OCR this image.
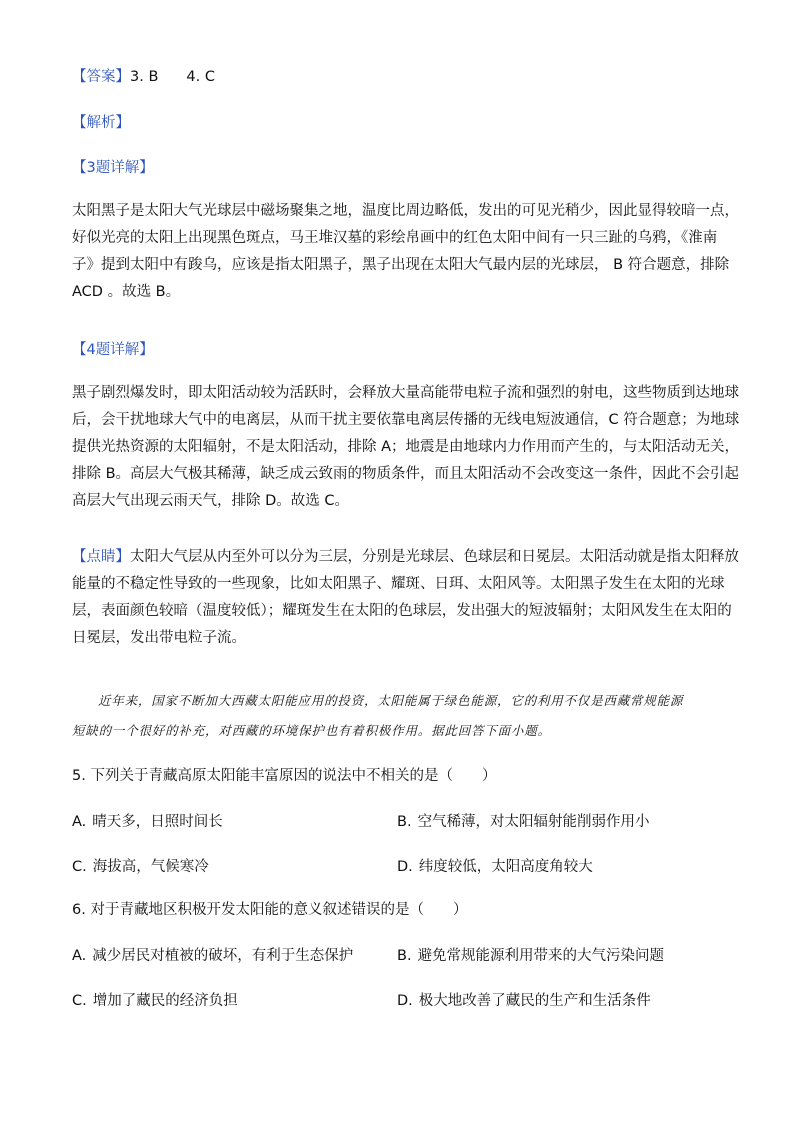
【答案】3. B 4. C
【解析】
【3题详解】
太阳黑子是太阳大气光球层中磁场聚集之地，温度比周边略低，发出的可见光稍少，因此显得较暗一点，
好似光亮的太阳上出现黑色斑点，马王堆汉墓的彩绘帛画中的红色太阳中间有一只三趾的乌鸦，《淮南
子》提到太阳中有踆乌，应该是指太阳黑子，黑子出现在太阳大气最内层的光球层， B 符合题意，排除
ACD 。故选 B。
【4题详解】
黑子剧烈爆发时，即太阳活动较为活跃时，会释放大量高能带电粒子流和强烈的射电，这些物质到达地球
后，会干扰地球大气中的电离层，从而干扰主要依靠电离层传播的无线电短波通信，C 符合题意；为地球
提供光热资源的太阳辐射，不是太阳活动，排除 A；地震是由地球内力作用而产生的，与太阳活动无关，
排除 B。高层大气极其稀薄，缺乏成云致雨的物质条件，而且太阳活动不会改变这一条件，因此不会引起
高层大气出现云雨天气，排除 D。故选 C。
【点睛】太阳大气层从内至外可以分为三层，分别是光球层、色球层和日冕层。太阳活动就是指太阳释放
能量的不稳定性导致的一些现象，比如太阳黑子、耀斑、日珥、太阳风等。太阳黑子发生在太阳的光球
层，表面颜色较暗（温度较低）；耀斑发生在太阳的色球层，发出强大的短波辐射；太阳风发生在太阳的
日冕层，发出带电粒子流。
近年来，国家不断加大西藏太阳能应用的投资，太阳能属于绿色能源，它的利用不仅是西藏常规能源
短缺的一个很好的补充，对西藏的环境保护也有着积极作用。据此回答下面小题。
5. 下列关于青藏高原太阳能丰富原因的说法中不相关的是（　　）
A. 晴天多，日照时间长	B. 空气稀薄，对太阳辐射能削弱作用小
C. 海拔高，气候寒冷	D. 纬度较低，太阳高度角较大
6. 对于青藏地区积极开发太阳能的意义叙述错误的是（　　）
A. 减少居民对植被的破坏，有利于生态保护	B. 避免常规能源利用带来的大气污染问题
C. 增加了藏民的经济负担	D. 极大地改善了藏民的生产和生活条件
